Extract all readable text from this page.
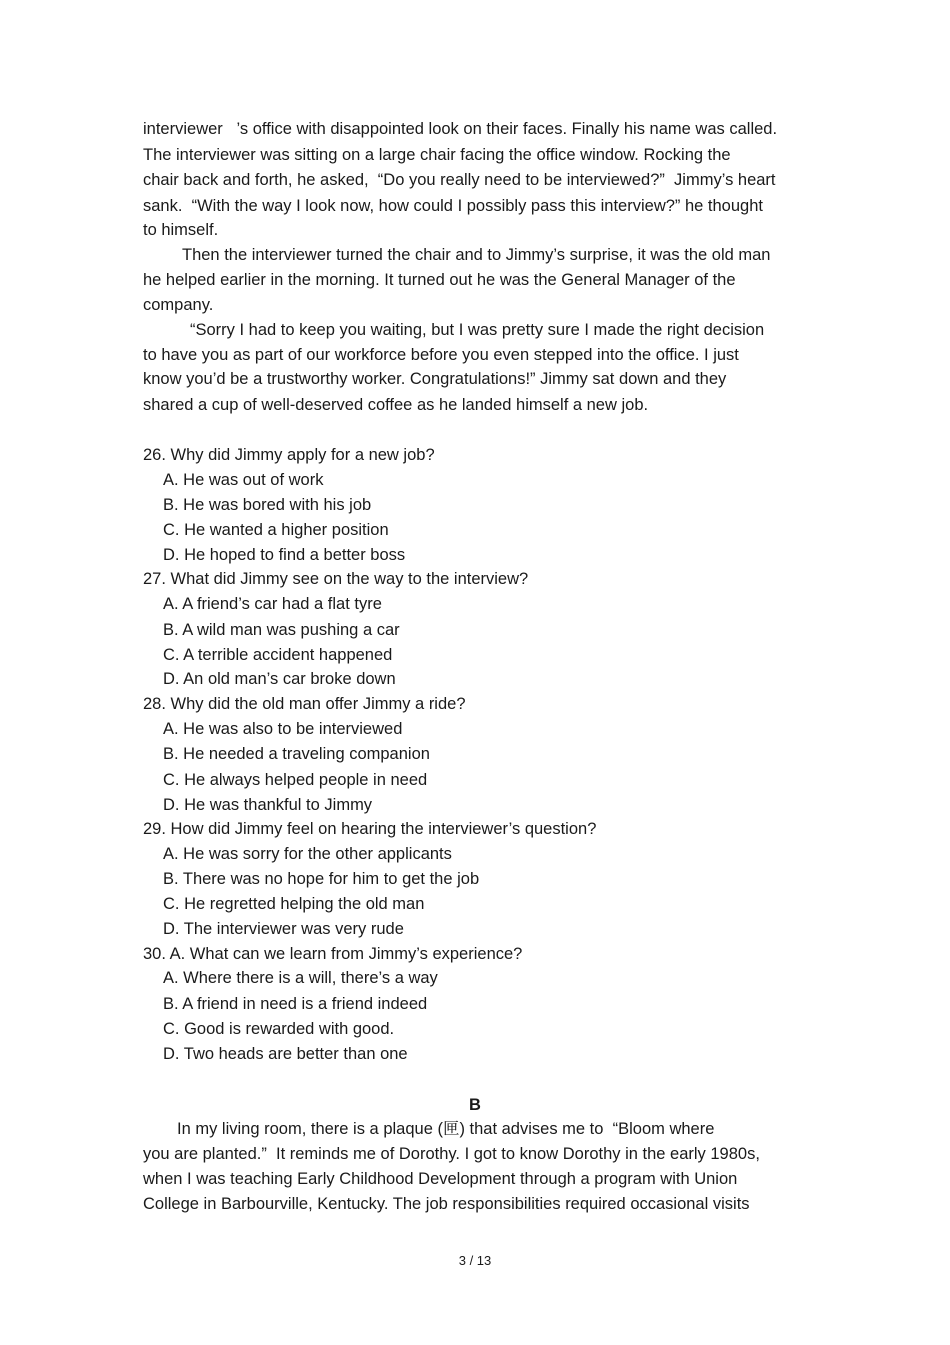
interviewer   ’s office with disappointed look on their faces. Finally his name was called.
The interviewer was sitting on a large chair facing the office window. Rocking the
chair back and forth, he asked,  “Do you really need to be interviewed?”  Jimmy’s heart
sank.  “With the way I look now, how could I possibly pass this interview?” he thought
to himself.
Then the interviewer turned the chair and to Jimmy’s surprise, it was the old man
he helped earlier in the morning. It turned out he was the General Manager of the
company.
“Sorry I had to keep you waiting, but I was pretty sure I made the right decision
to have you as part of our workforce before you even stepped into the office. I just
know you’d be a trustworthy worker. Congratulations!” Jimmy sat down and they
shared a cup of well-deserved coffee as he landed himself a new job.
26. Why did Jimmy apply for a new job?
A. He was out of work
B. He was bored with his job
C. He wanted a higher position
D. He hoped to find a better boss
27. What did Jimmy see on the way to the interview?
A. A friend’s car had a flat tyre
B. A wild man was pushing a car
C. A terrible accident happened
D. An old man’s car broke down
28. Why did the old man offer Jimmy a ride?
A. He was also to be interviewed
B. He needed a traveling companion
C. He always helped people in need
D. He was thankful to Jimmy
29. How did Jimmy feel on hearing the interviewer’s question?
A. He was sorry for the other applicants
B. There was no hope for him to get the job
C. He regretted helping the old man
D. The interviewer was very rude
30. A. What can we learn from Jimmy’s experience?
A. Where there is a will, there’s a way
B. A friend in need is a friend indeed
C. Good is rewarded with good.
D. Two heads are better than one
B
In my living room, there is a plaque (匣) that advises me to  “Bloom where
you are planted.”  It reminds me of Dorothy. I got to know Dorothy in the early 1980s,
when I was teaching Early Childhood Development through a program with Union
College in Barbourville, Kentucky. The job responsibilities required occasional visits
3 / 13
